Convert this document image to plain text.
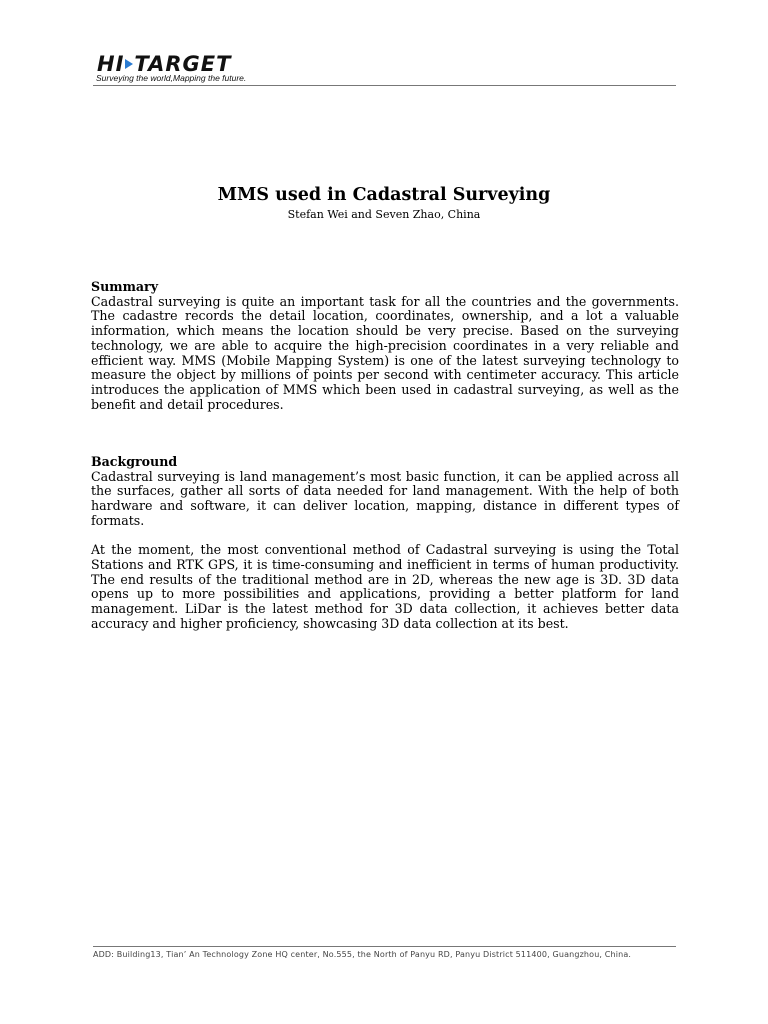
HI TARGET
Surveying the world,Mapping the future.
MMS used in Cadastral Surveying
Stefan Wei and Seven Zhao, China
Summary

Cadastral surveying is quite an important task for all the countries and the governments. The cadastre records the detail location, coordinates, ownership, and a lot a valuable information, which means the location should be very precise. Based on the surveying technology, we are able to acquire the high-precision coordinates in a very reliable and efficient way. MMS (Mobile Mapping System) is one of the latest surveying technology to measure the object by millions of points per second with centimeter accuracy. This article introduces the application of MMS which been used in cadastral surveying, as well as the benefit and detail procedures.

Background

Cadastral surveying is land management’s most basic function, it can be applied across all the surfaces, gather all sorts of data needed for land management. With the help of both hardware and software, it can deliver location, mapping, distance in different types of formats.

At the moment, the most conventional method of Cadastral surveying is using the Total Stations and RTK GPS, it is time-consuming and inefficient in terms of human productivity. The end results of the traditional method are in 2D, whereas the new age is 3D. 3D data opens up to more possibilities and applications, providing a better platform for land management. LiDar is the latest method for 3D data collection, it achieves better data accuracy and higher proficiency, showcasing 3D data collection at its best.

ADD: Building13, Tian’ An Technology Zone HQ center, No.555, the North of Panyu RD, Panyu District 511400, Guangzhou, China.
